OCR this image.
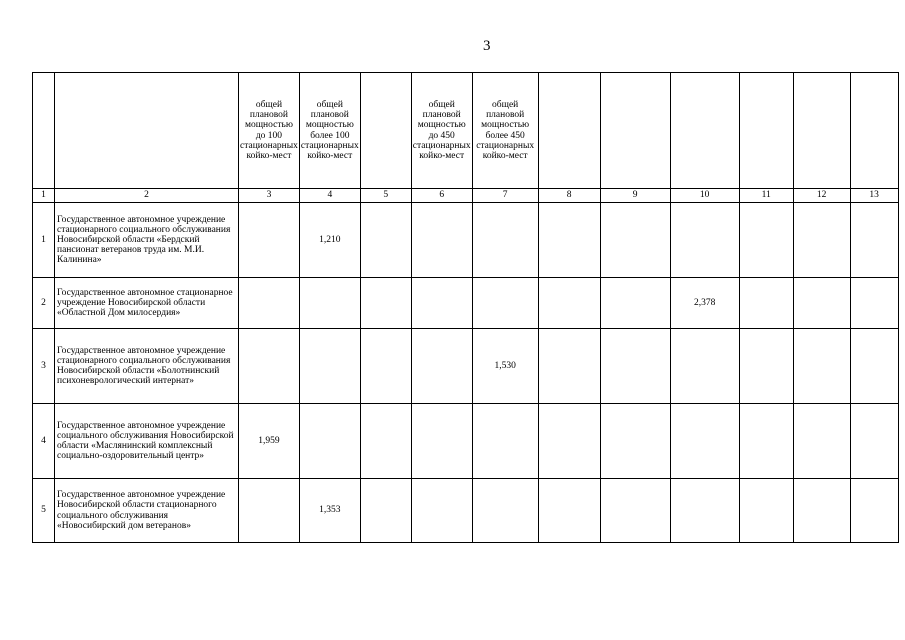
3

		общей плановой мощностью до 100 стационарных койко-мест	общей плановой мощностью более 100 стационарных койко-мест		общей плановой мощностью до 450 стационарных койко-мест	общей плановой мощностью более 450 стационарных койко-мест						

1	2	3	4	5	6	7	8	9	10	11	12	13
1	Государственное автономное учреждение стационарного социального обслуживания Новосибирской области «Бердский пансионат ветеранов труда им. М.И. Калинина»		1,210									
2	Государственное автономное стационарное учреждение Новосибирской области «Областной Дом милосердия»								2,378			
3	Государственное автономное учреждение стационарного социального обслуживания Новосибирской области «Болотнинский психоневрологический интернат»					1,530						
4	Государственное автономное учреждение социального обслуживания Новосибирской области «Маслянинский комплексный социально-оздоровительный центр»	1,959										
5	Государственное автономное учреждение Новосибирской области стационарного социального обслуживания «Новосибирский дом ветеранов»		1,353									
